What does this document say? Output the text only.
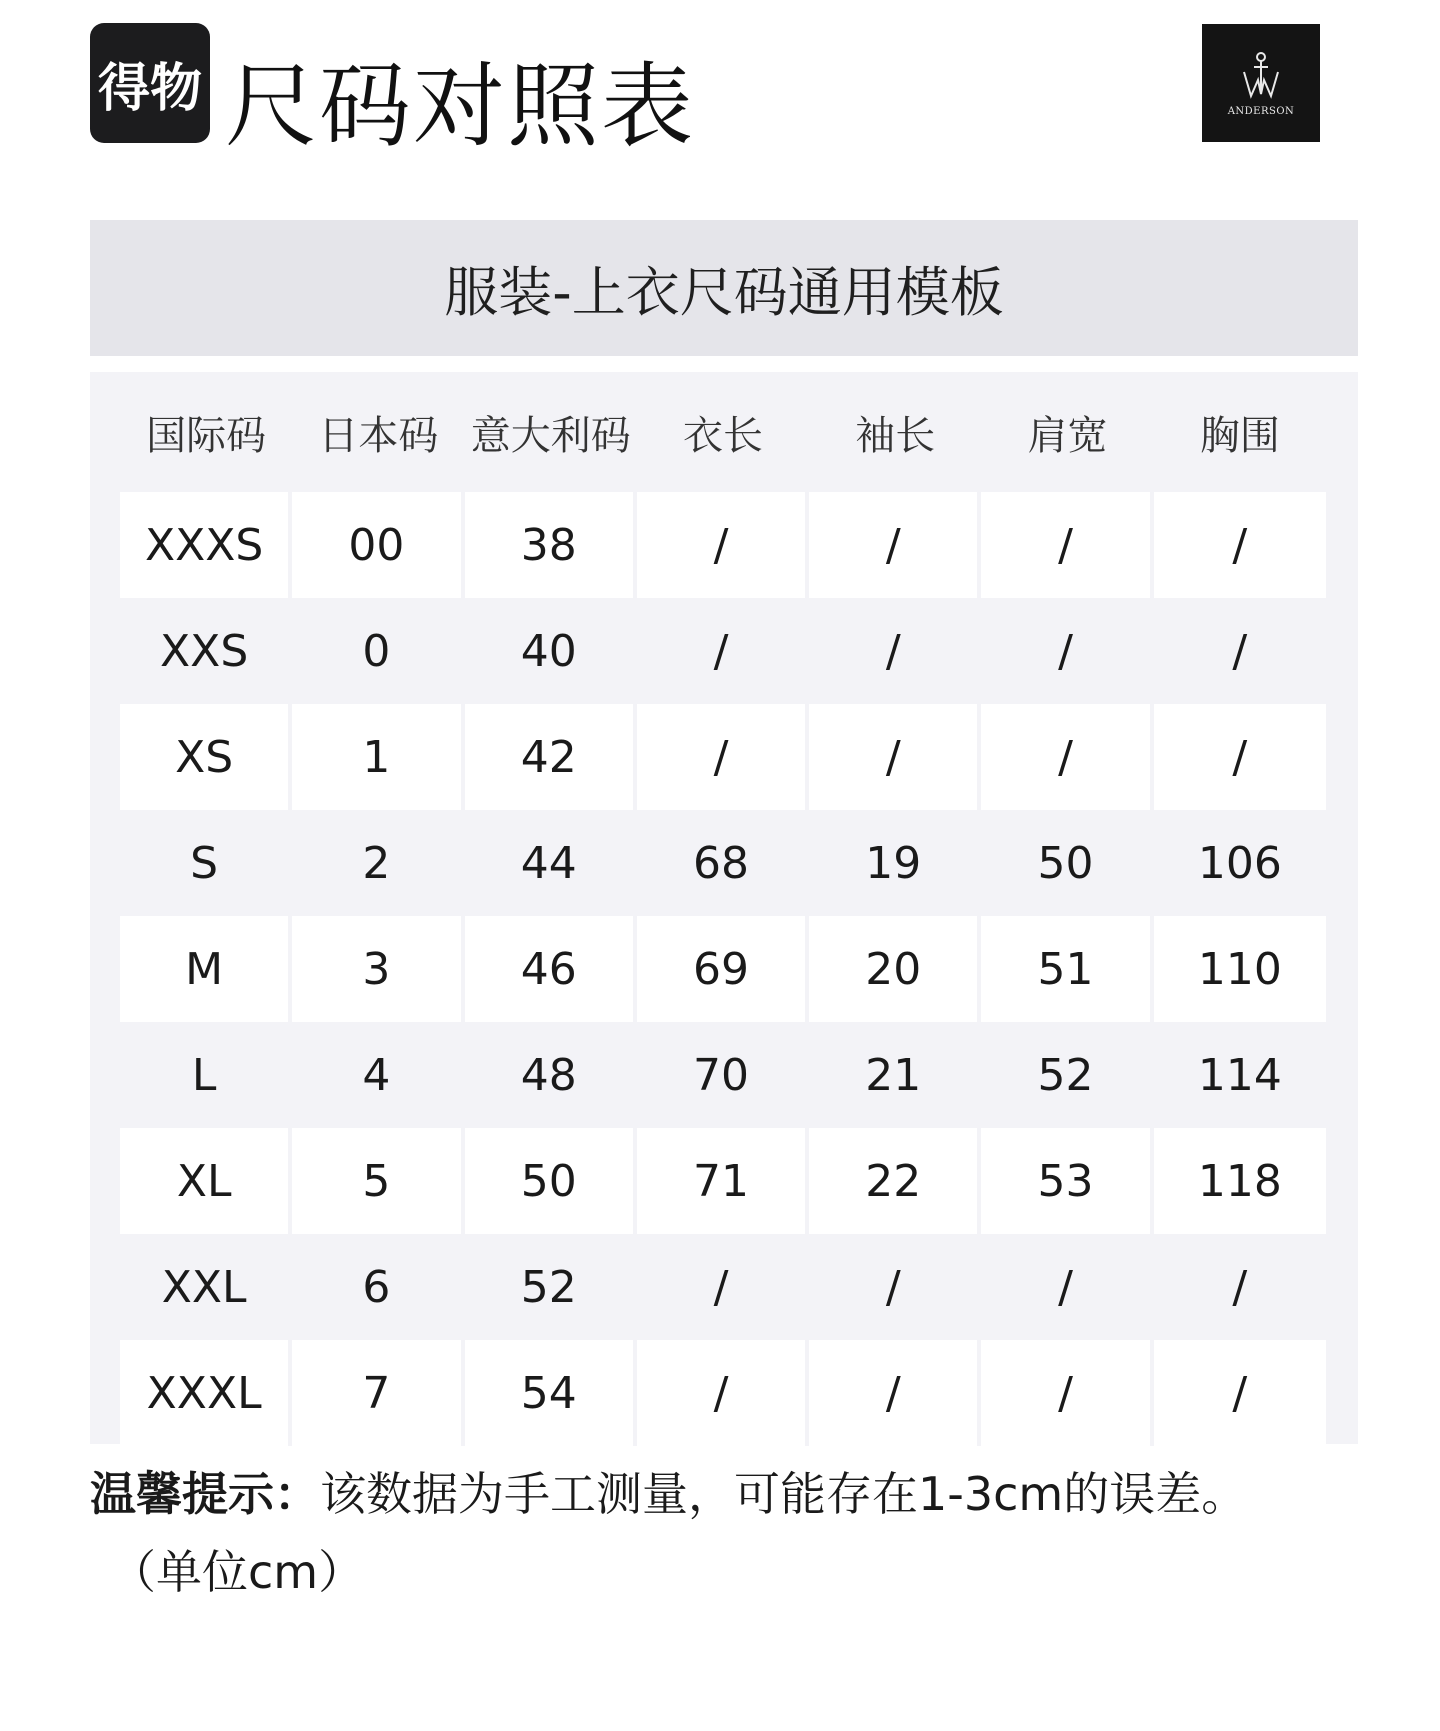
得物 尺码对照表	ANDERSON
服装-上衣尺码通用模板
国际码	日本码	意大利码	衣长	袖长	肩宽	胸围
XXXS	00	38	/	/	/	/
XXS	0	40	/	/	/	/
XS	1	42	/	/	/	/
S	2	44	68	19	50	106
M	3	46	69	20	51	110
L	4	48	70	21	52	114
XL	5	50	71	22	53	118
XXL	6	52	/	/	/	/
XXXL	7	54	/	/	/	/
温馨提示：该数据为手工测量，可能存在1-3cm的误差。
（单位cm）
